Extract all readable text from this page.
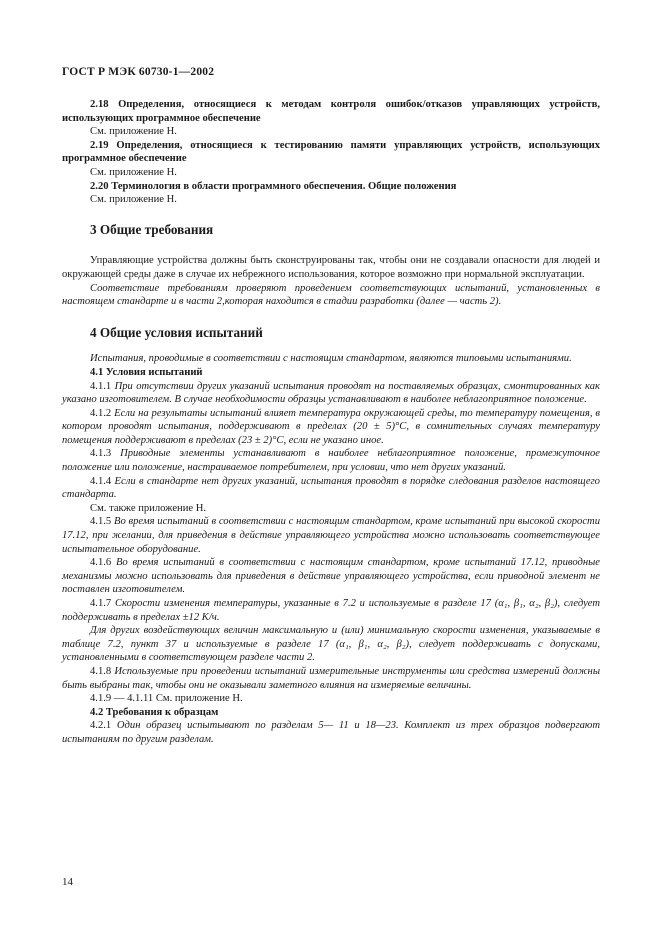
ГОСТ Р МЭК 60730-1—2002

2.18 Определения, относящиеся к методам контроля ошибок/отказов управляющих устройств, использующих программное обеспечение

См. приложение Н.

2.19 Определения, относящиеся к тестированию памяти управляющих устройств, использующих программное обеспечение

См. приложение Н.

2.20 Терминология в области программного обеспечения. Общие положения

См. приложение Н.

3 Общие требования

Управляющие устройства должны быть сконструированы так, чтобы они не создавали опасности для людей и окружающей среды даже в случае их небрежного использования, которое возможно при нормальной эксплуатации.

Соответствие требованиям проверяют проведением соответствующих испытаний, установленных в настоящем стандарте и в части 2,которая находится в стадии разработки (далее — часть 2).

4 Общие условия испытаний

Испытания, проводимые в соответствии с настоящим стандартом, являются типовыми испытаниями.

4.1 Условия испытаний

4.1.1 При отсутствии других указаний испытания проводят на поставляемых образцах, смонтированных как указано изготовителем. В случае необходимости образцы устанавливают в наиболее неблагоприятное положение.

4.1.2 Если на результаты испытаний влияет температура окружающей среды, то температуру помещения, в котором проводят испытания, поддерживают в пределах (20 ± 5)°С, в сомнительных случаях температуру помещения поддерживают в пределах (23 ± 2)°С, если не указано иное.

4.1.3 Приводные элементы устанавливают в наиболее неблагоприятное положение, промежуточное положение или положение, настраиваемое потребителем, при условии, что нет других указаний.

4.1.4 Если в стандарте нет других указаний, испытания проводят в порядке следования разделов настоящего стандарта.

См. также приложение Н.

4.1.5 Во время испытаний в соответствии с настоящим стандартом, кроме испытаний при высокой скорости 17.12, при желании, для приведения в действие управляющего устройства можно использовать соответствующее испытательное оборудование.

4.1.6 Во время испытаний в соответствии с настоящим стандартом, кроме испытаний 17.12, приводные механизмы можно использовать для приведения в действие управляющего устройства, если приводной элемент не поставлен изготовителем.

4.1.7 Скорости изменения температуры, указанные в 7.2 и используемые в разделе 17 (α₁, β₁, α₂, β₂), следует поддерживать в пределах ±12 K/ч.

Для других воздействующих величин максимальную и (или) минимальную скорости изменения, указываемые в таблице 7.2, пункт 37 и используемые в разделе 17 (α₁, β₁, α₂, β₂), следует поддерживать с допусками, установленными в соответствующем разделе части 2.

4.1.8 Используемые при проведении испытаний измерительные инструменты или средства измерений должны быть выбраны так, чтобы они не оказывали заметного влияния на измеряемые величины.

4.1.9 — 4.1.11 См. приложение Н.

4.2 Требования к образцам

4.2.1 Один образец испытывают по разделам 5— 11 и 18—23. Комплект из трех образцов подвергают испытаниям по другим разделам.

14
